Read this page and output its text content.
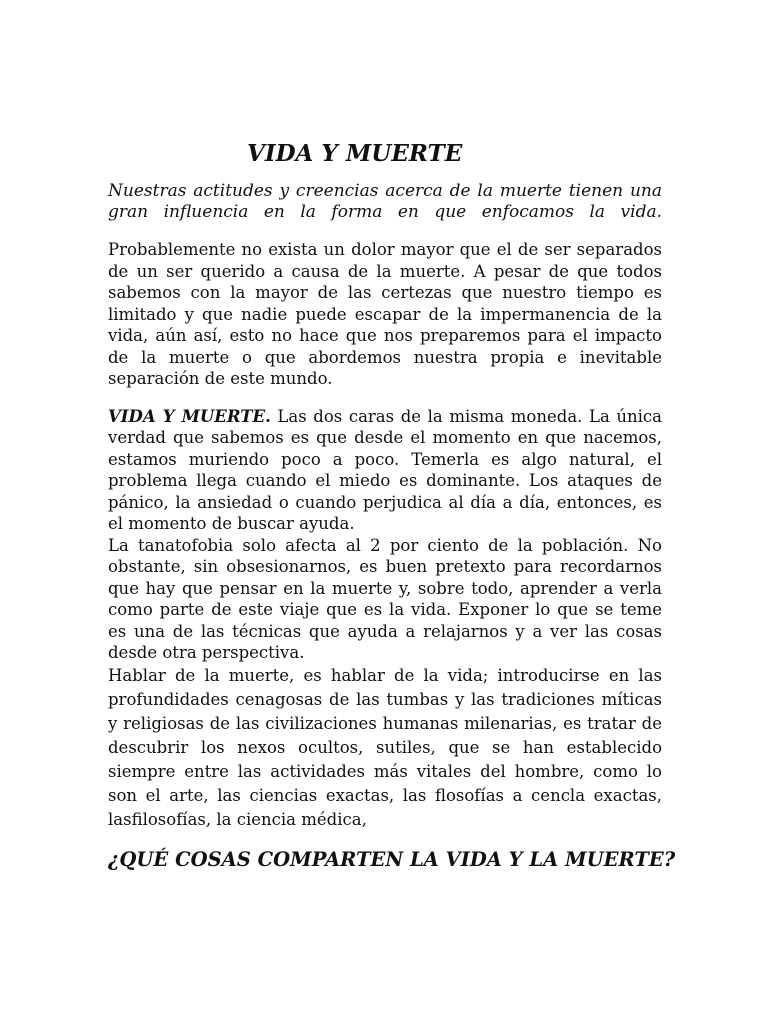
VIDA Y MUERTE

Nuestras actitudes y creencias acerca de la muerte tienen una gran influencia en la forma en que enfocamos la vida.

Probablemente no exista un dolor mayor que el de ser separados de un ser querido a causa de la muerte. A pesar de que todos sabemos con la mayor de las certezas que nuestro tiempo es limitado y que nadie puede escapar de la impermanencia de la vida, aún así, esto no hace que nos preparemos para el impacto de la muerte o que abordemos nuestra propia e inevitable separación de este mundo.

VIDA Y MUERTE. Las dos caras de la misma moneda. La única verdad que sabemos es que desde el momento en que nacemos, estamos muriendo poco a poco. Temerla es algo natural, el problema llega cuando el miedo es dominante. Los ataques de pánico, la ansiedad o cuando perjudica al día a día, entonces, es el momento de buscar ayuda.

La tanatofobia solo afecta al 2 por ciento de la población. No obstante, sin obsesionarnos, es buen pretexto para recordarnos que hay que pensar en la muerte y, sobre todo, aprender a verla como parte de este viaje que es la vida. Exponer lo que se teme es una de las técnicas que ayuda a relajarnos y a ver las cosas desde otra perspectiva.

Hablar de la muerte, es hablar de la vida; introducirse en las profundidades cenagosas de las tumbas y las tradiciones míticas y religiosas de las civilizaciones humanas milenarias, es tratar de descubrir los nexos ocultos, sutiles, que se han establecido siempre entre las actividades más vitales del hombre, como lo son el arte, las ciencias exactas, las flosofías a cencla exactas, lasfilosofías, la ciencia médica,

¿QUÉ COSAS COMPARTEN LA VIDA Y LA MUERTE?
